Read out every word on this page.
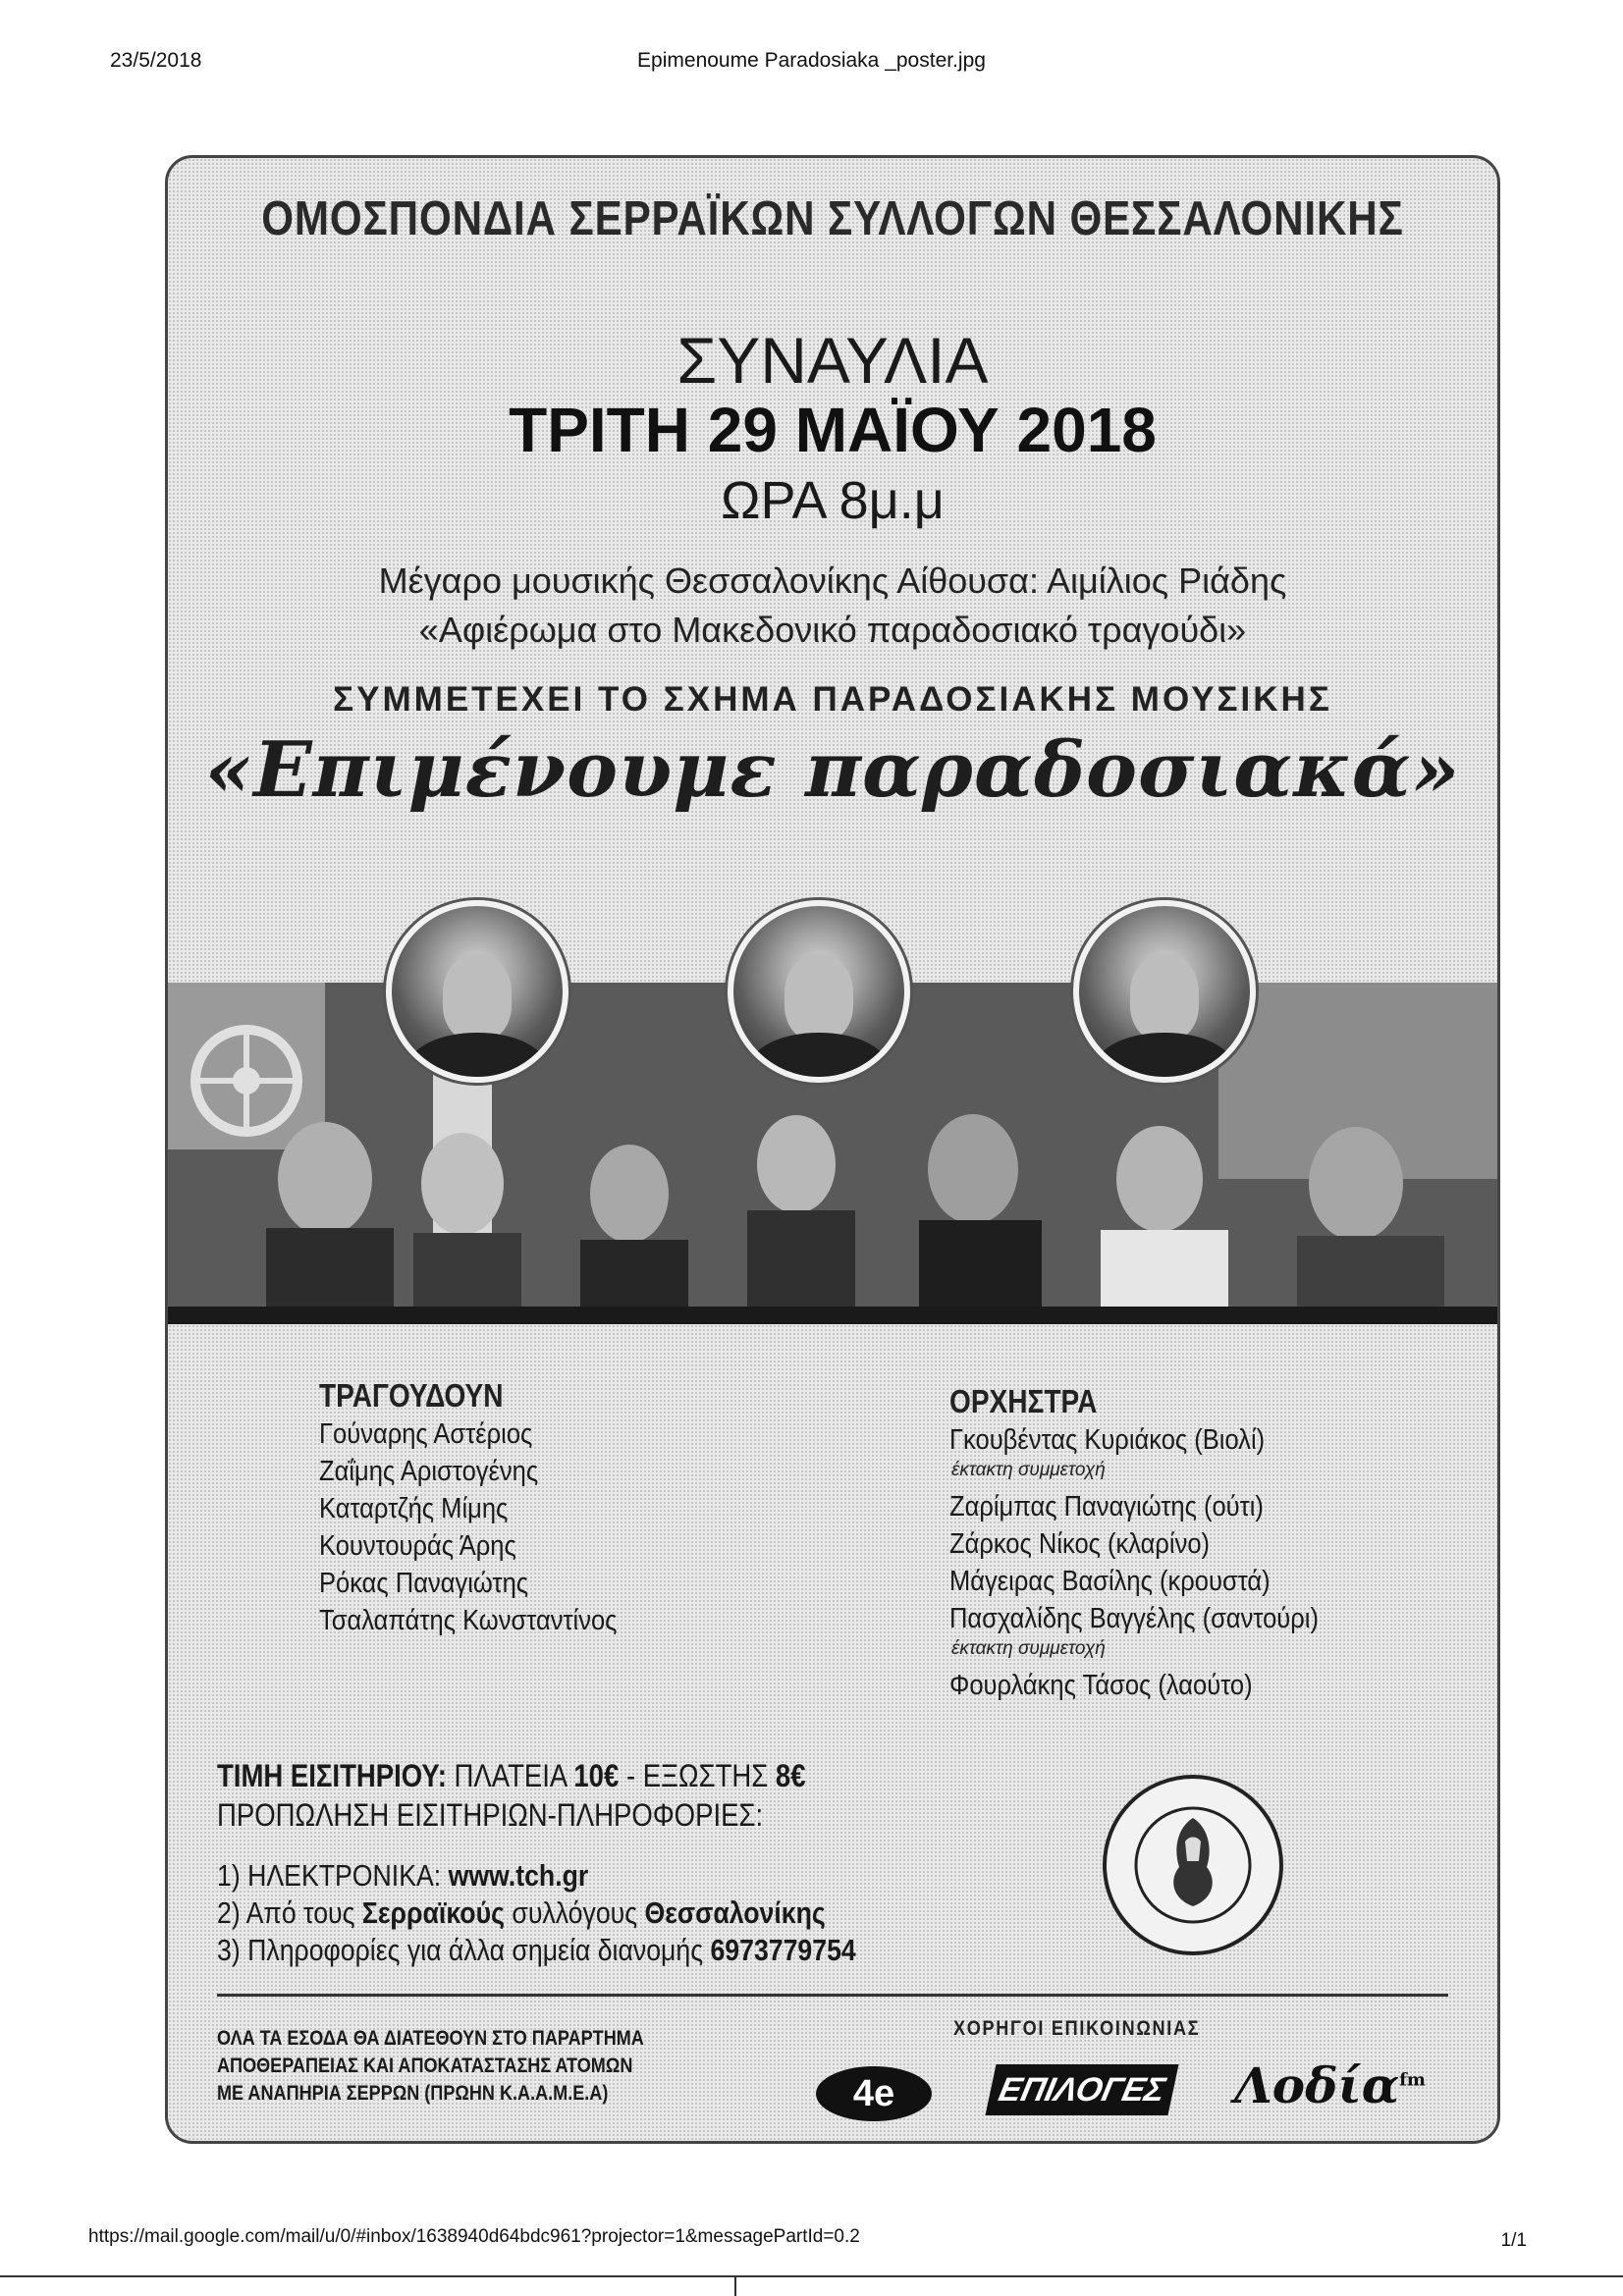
23/5/2018	Epimenoume Paradosiaka _poster.jpg
ΟΜΟΣΠΟΝΔΙΑ ΣΕΡΡΑΪΚΩΝ ΣΥΛΛΟΓΩΝ ΘΕΣΣΑΛΟΝΙΚΗΣ
ΣΥΝΑΥΛΙΑ
ΤΡΙΤΗ 29 ΜΑΪΟΥ 2018
ΩΡΑ 8μ.μ
Μέγαρο μουσικής Θεσσαλονίκης Αίθουσα: Αιμίλιος Ριάδης
«Αφιέρωμα στο Μακεδονικό παραδοσιακό τραγούδι»
ΣΥΜΜΕΤΕΧΕΙ ΤΟ ΣΧΗΜΑ ΠΑΡΑΔΟΣΙΑΚΗΣ ΜΟΥΣΙΚΗΣ
«Επιμένουμε παραδοσιακά»
ΤΡΑΓΟΥΔΟΥΝ
Γούναρης Αστέριος
Ζαΐμης Αριστογένης
Καταρτζής Μίμης
Κουντουράς Άρης
Ρόκας Παναγιώτης
Τσαλαπάτης Κωνσταντίνος
ΟΡΧΗΣΤΡΑ
Γκουβέντας Κυριάκος (Βιολί)
έκτακτη συμμετοχή
Ζαρίμπας Παναγιώτης (ούτι)
Ζάρκος Νίκος (κλαρίνο)
Μάγειρας Βασίλης (κρουστά)
Πασχαλίδης Βαγγέλης (σαντούρι)
έκτακτη συμμετοχή
Φουρλάκης Τάσος (λαούτο)
ΤΙΜΗ ΕΙΣΙΤΗΡΙΟΥ: ΠΛΑΤΕΙΑ 10€ - ΕΞΩΣΤΗΣ 8€
ΠΡΟΠΩΛΗΣΗ ΕΙΣΙΤΗΡΙΩΝ-ΠΛΗΡΟΦΟΡΙΕΣ:
1) ΗΛΕΚΤΡΟΝΙΚΑ: www.tch.gr
2) Από τους Σερραϊκούς συλλόγους Θεσσαλονίκης
3) Πληροφορίες για άλλα σημεία διανομής 6973779754
ΟΛΑ ΤΑ ΕΣΟΔΑ ΘΑ ΔΙΑΤΕΘΟΥΝ ΣΤΟ ΠΑΡΑΡΤΗΜΑ
ΑΠΟΘΕΡΑΠΕΙΑΣ ΚΑΙ ΑΠΟΚΑΤΑΣΤΑΣΗΣ ΑΤΟΜΩΝ
ΜΕ ΑΝΑΠΗΡΙΑ ΣΕΡΡΩΝ (ΠΡΩΗΝ Κ.Α.Α.Μ.Ε.Α)
ΧΟΡΗΓΟΙ ΕΠΙΚΟΙΝΩΝΙΑΣ
4e	ΕΠΙΛΟΓΕΣ Λοδία$^{fm}$
https://mail.google.com/mail/u/0/#inbox/1638940d64bdc961?projector=1&messagePartId=0.2	1/1
